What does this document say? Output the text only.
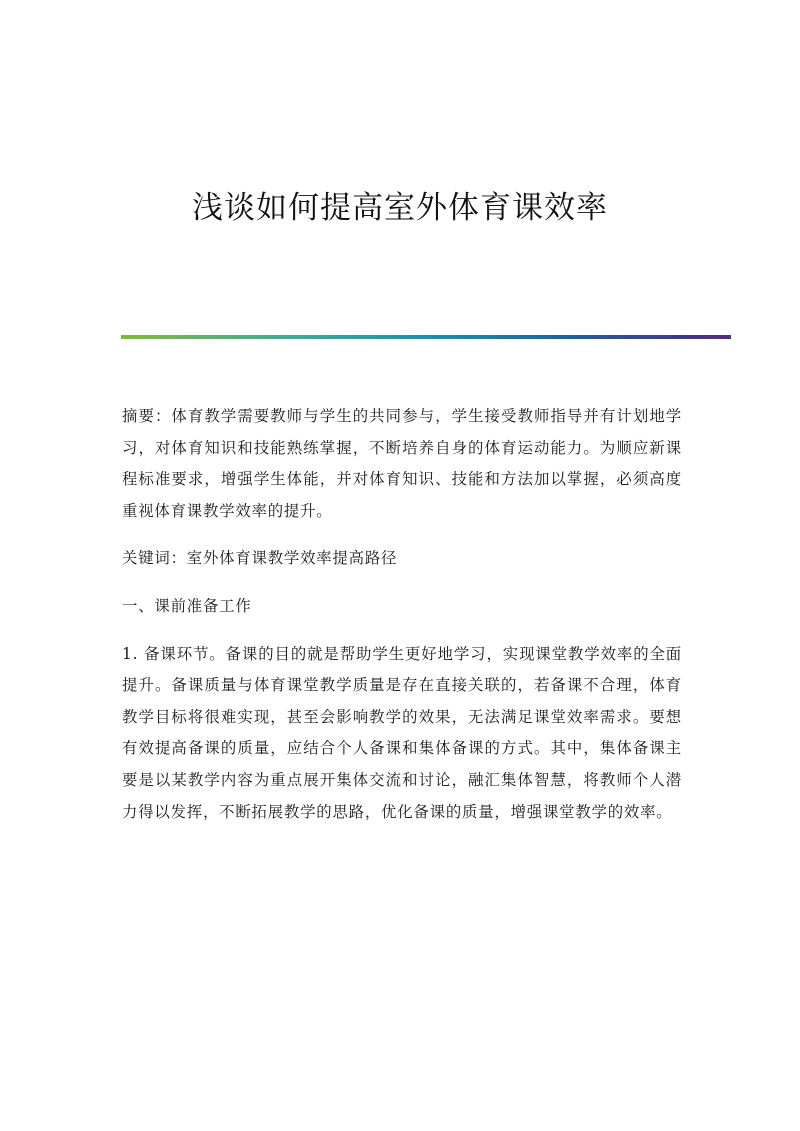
浅谈如何提高室外体育课效率

摘要：体育教学需要教师与学生的共同参与，学生接受教师指导并有计划地学习，对体育知识和技能熟练掌握，不断培养自身的体育运动能力。为顺应新课程标准要求，增强学生体能，并对体育知识、技能和方法加以掌握，必须高度重视体育课教学效率的提升。

关键词：室外体育课教学效率提高路径

一、课前准备工作

1. 备课环节。备课的目的就是帮助学生更好地学习，实现课堂教学效率的全面提升。备课质量与体育课堂教学质量是存在直接关联的，若备课不合理，体育教学目标将很难实现，甚至会影响教学的效果，无法满足课堂效率需求。要想有效提高备课的质量，应结合个人备课和集体备课的方式。其中，集体备课主要是以某教学内容为重点展开集体交流和讨论，融汇集体智慧，将教师个人潜力得以发挥，不断拓展教学的思路，优化备课的质量，增强课堂教学的效率。
